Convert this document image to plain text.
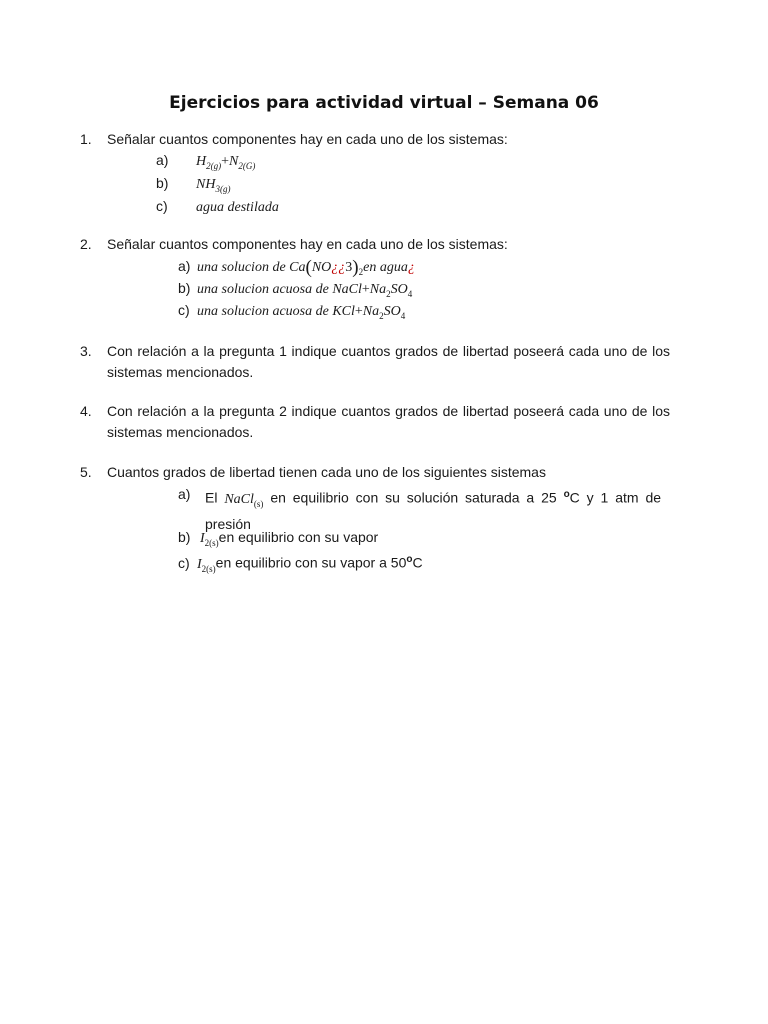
Ejercicios para actividad virtual – Semana 06
1. Señalar cuantos componentes hay en cada uno de los sistemas:
a) $H_{2(g)}+N_{2(G)}$
b) $NH_{3(g)}$
c) agua destilada
2. Señalar cuantos componentes hay en cada uno de los sistemas:
a) una solucion de $Ca(NO¿¿3)_2en$ agua¿
b) una solucion acuosa de $NaCl+Na_2SO_4$
c) una solucion acuosa de $KCl+Na_2SO_4$
3. Con relación a la pregunta 1 indique cuantos grados de libertad poseerá cada uno de los sistemas mencionados.
4. Con relación a la pregunta 2 indique cuantos grados de libertad poseerá cada uno de los sistemas mencionados.
5. Cuantos grados de libertad tienen cada uno de los siguientes sistemas
a) El NaCl$_{(s)}$ en equilibrio con su solución saturada a 25 $^o$C y 1 atm de presión
b) $I_{2(s)}en$ equilibrio con su vapor
c) $I_{2(s)}en$ equilibrio con su vapor a 50$^o$C
